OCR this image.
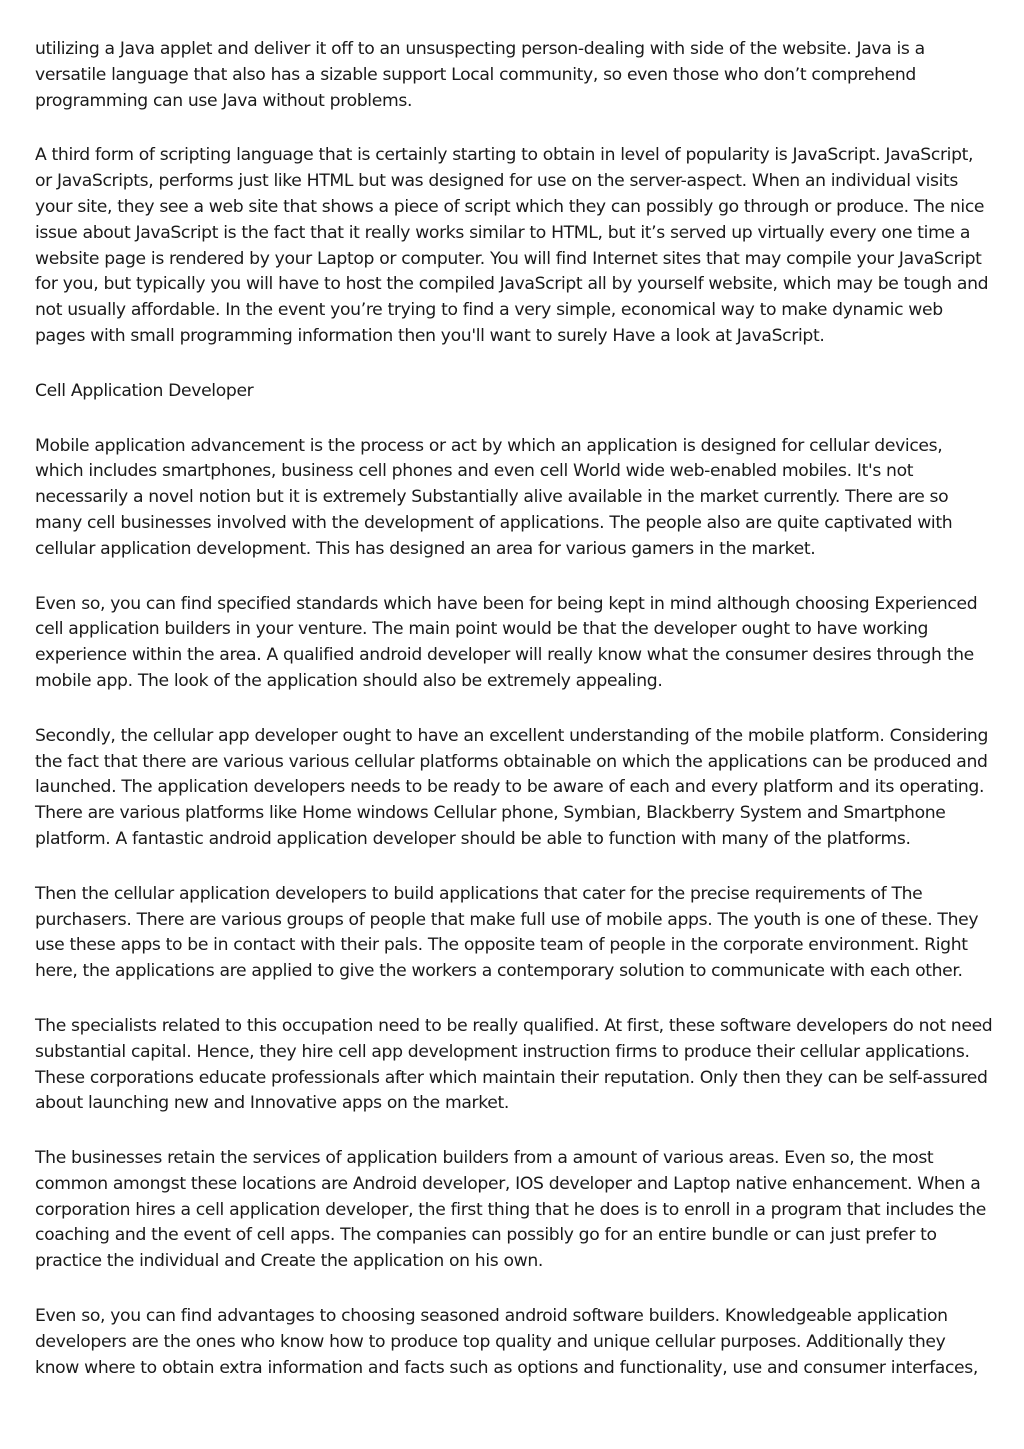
utilizing a Java applet and deliver it off to an unsuspecting person-dealing with side of the website. Java is a versatile language that also has a sizable support Local community, so even those who don’t comprehend programming can use Java without problems.

A third form of scripting language that is certainly starting to obtain in level of popularity is JavaScript. JavaScript, or JavaScripts, performs just like HTML but was designed for use on the server-aspect. When an individual visits your site, they see a web site that shows a piece of script which they can possibly go through or produce. The nice issue about JavaScript is the fact that it really works similar to HTML, but it’s served up virtually every one time a website page is rendered by your Laptop or computer. You will find Internet sites that may compile your JavaScript for you, but typically you will have to host the compiled JavaScript all by yourself website, which may be tough and not usually affordable. In the event you’re trying to find a very simple, economical way to make dynamic web pages with small programming information then you'll want to surely Have a look at JavaScript.

Cell Application Developer

Mobile application advancement is the process or act by which an application is designed for cellular devices, which includes smartphones, business cell phones and even cell World wide web-enabled mobiles. It's not necessarily a novel notion but it is extremely Substantially alive available in the market currently. There are so many cell businesses involved with the development of applications. The people also are quite captivated with cellular application development. This has designed an area for various gamers in the market.

Even so, you can find specified standards which have been for being kept in mind although choosing Experienced cell application builders in your venture. The main point would be that the developer ought to have working experience within the area. A qualified android developer will really know what the consumer desires through the mobile app. The look of the application should also be extremely appealing.

Secondly, the cellular app developer ought to have an excellent understanding of the mobile platform. Considering the fact that there are various various cellular platforms obtainable on which the applications can be produced and launched. The application developers needs to be ready to be aware of each and every platform and its operating. There are various platforms like Home windows Cellular phone, Symbian, Blackberry System and Smartphone platform. A fantastic android application developer should be able to function with many of the platforms.

Then the cellular application developers to build applications that cater for the precise requirements of The purchasers. There are various groups of people that make full use of mobile apps. The youth is one of these. They use these apps to be in contact with their pals. The opposite team of people in the corporate environment. Right here, the applications are applied to give the workers a contemporary solution to communicate with each other.

The specialists related to this occupation need to be really qualified. At first, these software developers do not need substantial capital. Hence, they hire cell app development instruction firms to produce their cellular applications. These corporations educate professionals after which maintain their reputation. Only then they can be self-assured about launching new and Innovative apps on the market.

The businesses retain the services of application builders from a amount of various areas. Even so, the most common amongst these locations are Android developer, IOS developer and Laptop native enhancement. When a corporation hires a cell application developer, the first thing that he does is to enroll in a program that includes the coaching and the event of cell apps. The companies can possibly go for an entire bundle or can just prefer to practice the individual and Create the application on his own.

Even so, you can find advantages to choosing seasoned android software builders. Knowledgeable application developers are the ones who know how to produce top quality and unique cellular purposes. Additionally they know where to obtain extra information and facts such as options and functionality, use and consumer interfaces,
